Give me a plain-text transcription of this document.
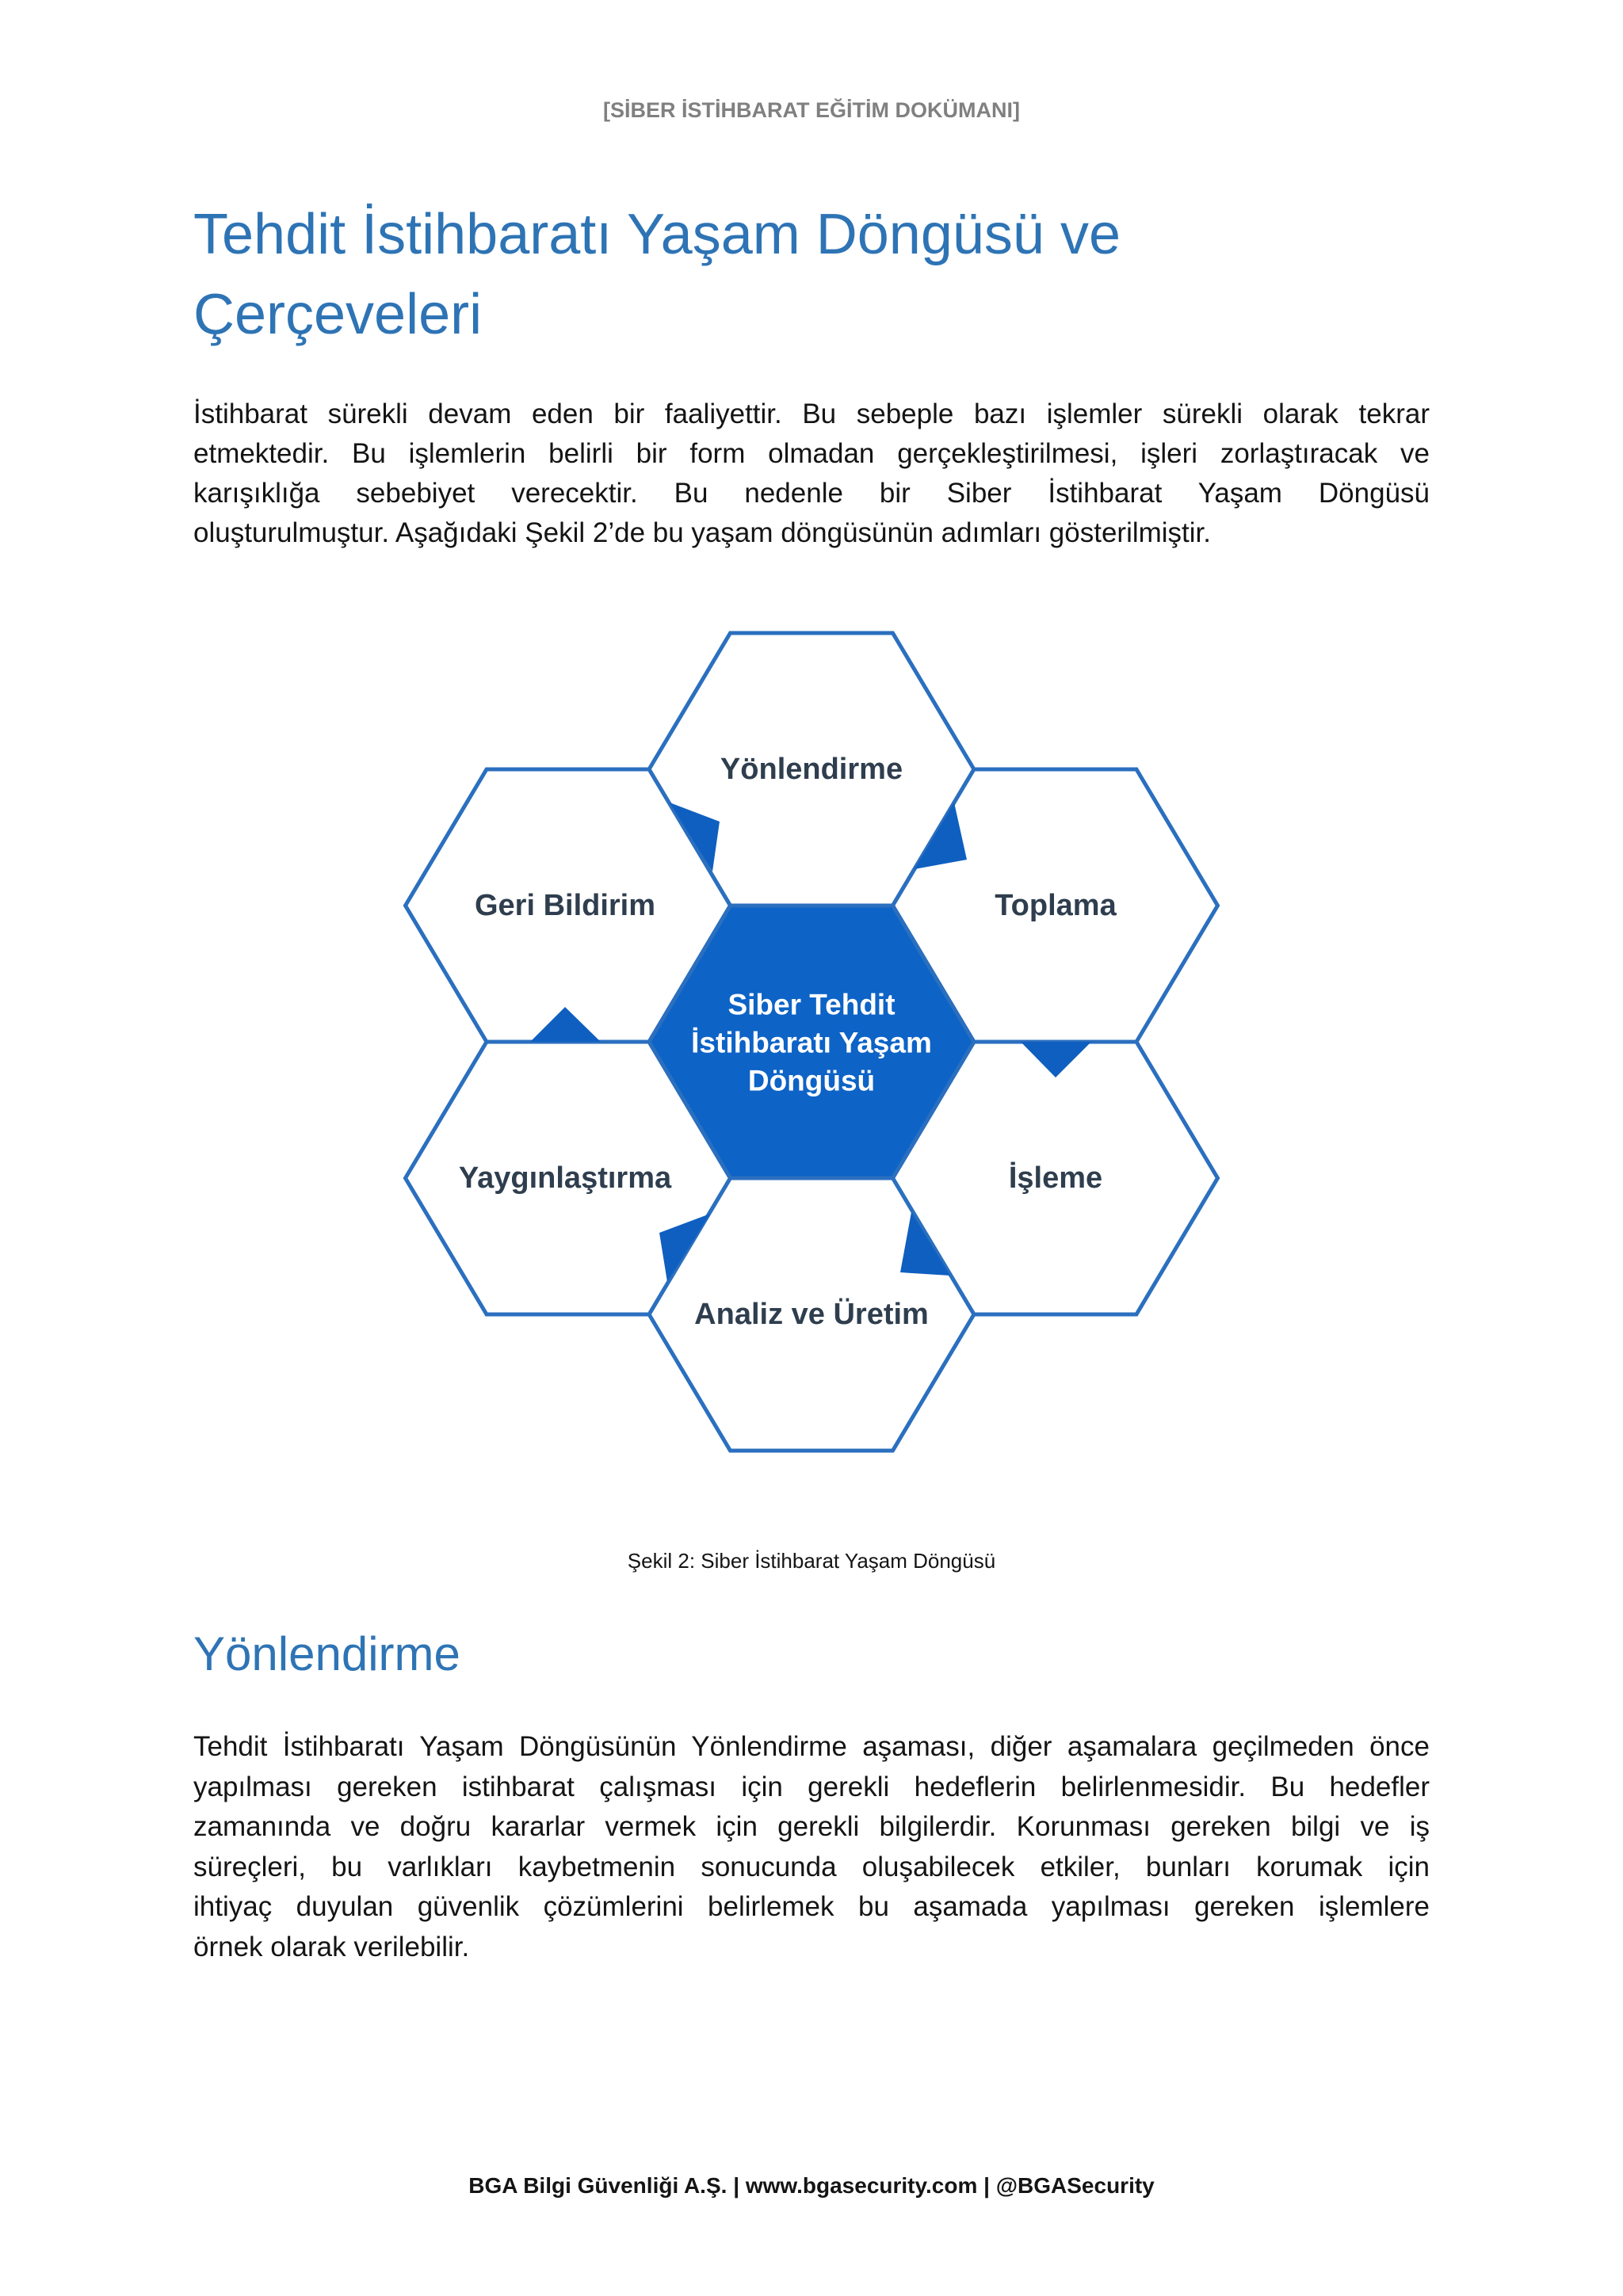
[SİBER İSTİHBARAT EĞİTİM DOKÜMANI]
Tehdit İstihbaratı Yaşam Döngüsü ve Çerçeveleri
İstihbarat sürekli devam eden bir faaliyettir. Bu sebeple bazı işlemler sürekli olarak tekrar
etmektedir. Bu işlemlerin belirli bir form olmadan gerçekleştirilmesi, işleri zorlaştıracak ve
karışıklığa sebebiyet verecektir. Bu nedenle bir Siber İstihbarat Yaşam Döngüsü
oluşturulmuştur. Aşağıdaki Şekil 2’de bu yaşam döngüsünün adımları gösterilmiştir.
Yönlendirme
Toplama
İşleme
Analiz ve Üretim
Yaygınlaştırma
Geri Bildirim
Siber Tehdit
İstihbaratı Yaşam
Döngüsü
Şekil 2: Siber İstihbarat Yaşam Döngüsü
Yönlendirme
Tehdit İstihbaratı Yaşam Döngüsünün Yönlendirme aşaması, diğer aşamalara geçilmeden önce
yapılması gereken istihbarat çalışması için gerekli hedeflerin belirlenmesidir. Bu hedefler
zamanında ve doğru kararlar vermek için gerekli bilgilerdir. Korunması gereken bilgi ve iş
süreçleri, bu varlıkları kaybetmenin sonucunda oluşabilecek etkiler, bunları korumak için
ihtiyaç duyulan güvenlik çözümlerini belirlemek bu aşamada yapılması gereken işlemlere
örnek olarak verilebilir.
BGA Bilgi Güvenliği A.Ş. | www.bgasecurity.com | @BGASecurity
